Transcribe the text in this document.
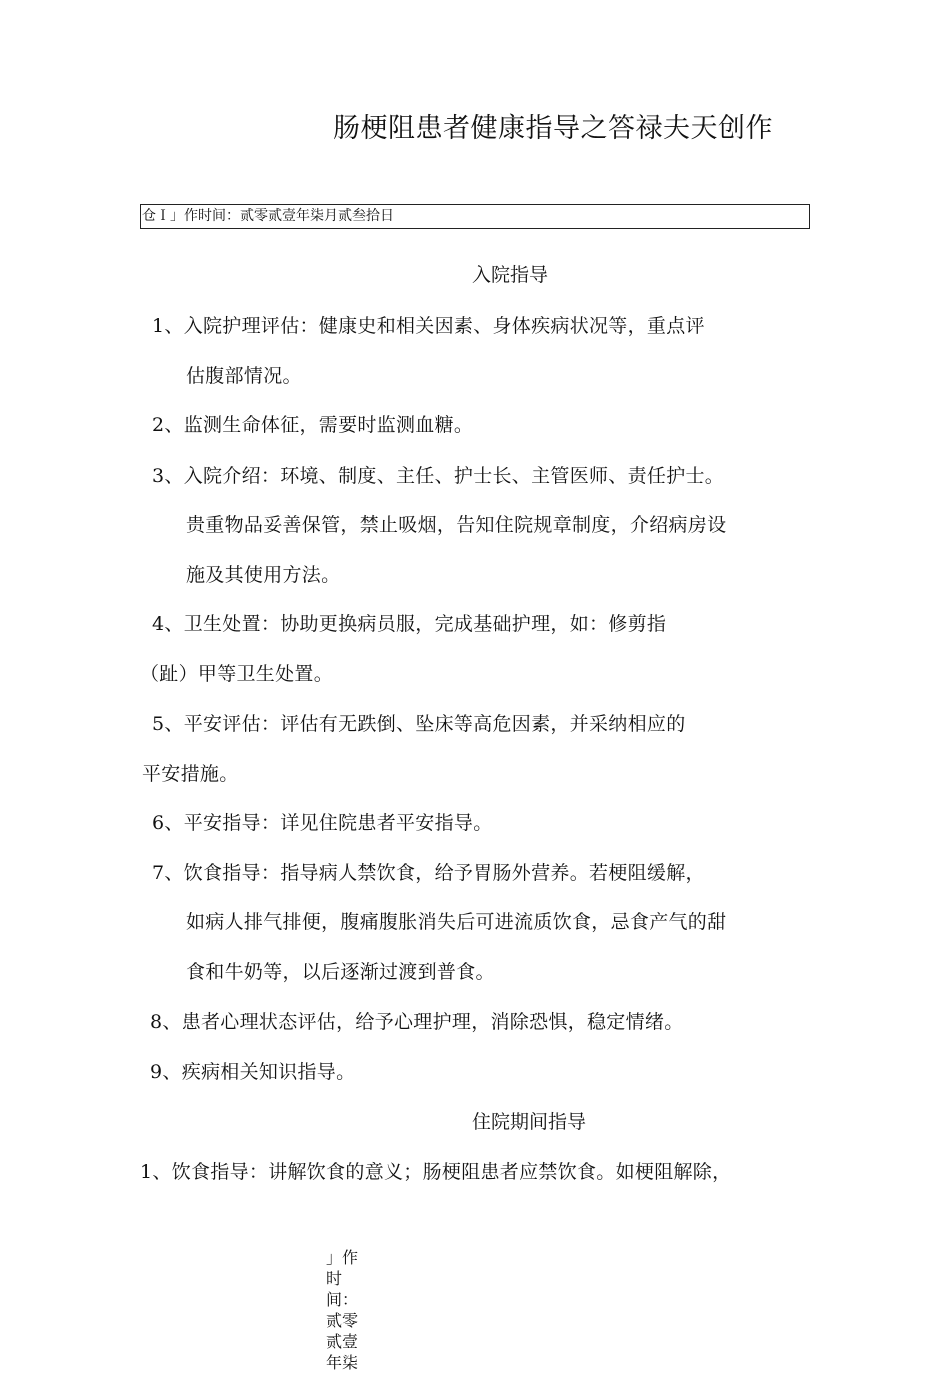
肠梗阻患者健康指导之答禄夫天创作
仓Ｉ」作时间：贰零贰壹年柒月贰叁拾日
入院指导
1、入院护理评估：健康史和相关因素、身体疾病状况等，重点评
估腹部情况。
2、监测生命体征，需要时监测血糖。
3、入院介绍：环境、制度、主任、护士长、主管医师、责任护士。
贵重物品妥善保管，禁止吸烟，告知住院规章制度，介绍病房设
施及其使用方法。
4、卫生处置：协助更换病员服，完成基础护理，如：修剪指
（趾）甲等卫生处置。
5、平安评估：评估有无跌倒、坠床等高危因素，并采纳相应的
平安措施。
6、平安指导：详见住院患者平安指导。
7、饮食指导：指导病人禁饮食，给予胃肠外营养。若梗阻缓解，
如病人排气排便，腹痛腹胀消失后可进流质饮食，忌食产气的甜
食和牛奶等，以后逐渐过渡到普食。
8、患者心理状态评估，给予心理护理，消除恐惧，稳定情绪。
9、疾病相关知识指导。
住院期间指导
1、饮食指导：讲解饮食的意义；肠梗阻患者应禁饮食。如梗阻解除，
」作时间：贰零贰壹年柒
